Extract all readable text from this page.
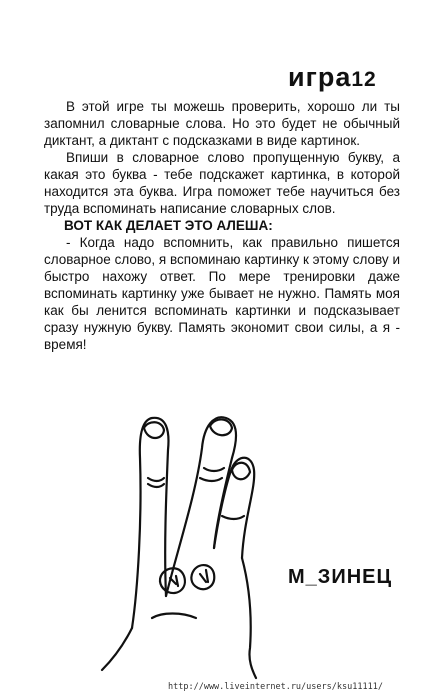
игра12

В этой игре ты можешь проверить, хорошо ли ты запомнил словарные слова. Но это будет не обычный диктант, а диктант с подсказками в виде картинок.

Впиши в словарное слово пропущенную букву, а какая это буква - тебе подскажет картинка, в которой находится эта буква. Игра поможет тебе научиться без труда вспоминать написание словарных слов.

ВОТ КАК ДЕЛАЕТ ЭТО АЛЕША:

- Когда надо вспомнить, как правильно пишется словарное слово, я вспоминаю картинку к этому слову и быстро нахожу ответ. По мере тренировки даже вспоминать картинку уже бывает не нужно. Память моя как бы ленится вспоминать картинки и подсказывает сразу нужную букву. Память экономит свои силы, а я - время!

М_ЗИНЕЦ
http://www.liveinternet.ru/users/ksu11111/
